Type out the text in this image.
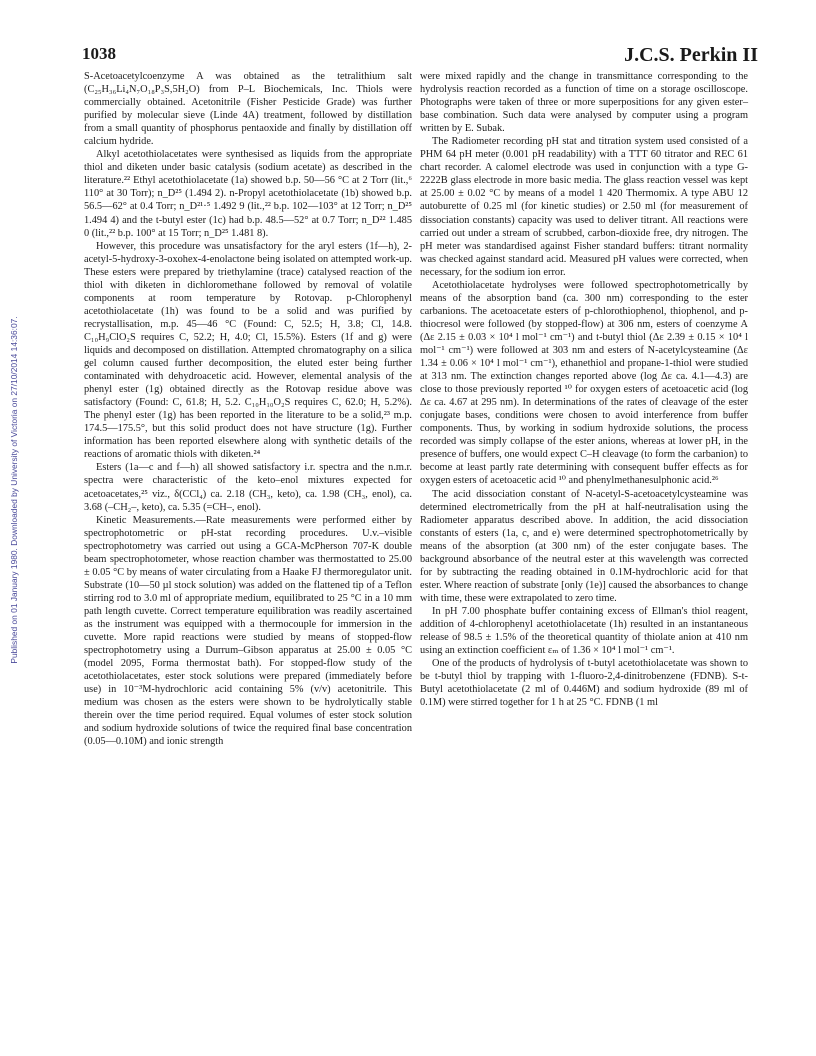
1038	J.C.S. Perkin II
Published on 01 January 1980. Downloaded by University of Victoria on 27/10/2014 14:36:07.

S-Acetoacetylcoenzyme A was obtained as the tetralithium salt (C₂₅H₃₆Li₄N₇O₁₈P₃S,5H₂O) from P–L Biochemicals, Inc. Thiols were commercially obtained. Acetonitrile (Fisher Pesticide Grade) was further purified by molecular sieve (Linde 4A) treatment, followed by distillation from a small quantity of phosphorus pentaoxide and finally by distillation off calcium hydride.

Alkyl acetothiolacetates were synthesised as liquids from the appropriate thiol and diketen under basic catalysis (sodium acetate) as described in the literature.²² Ethyl acetothiolacetate (1a) showed b.p. 50—56 °C at 2 Torr (lit.,⁶ 110° at 30 Torr); n_D²⁵ (1.494 2). n-Propyl acetothiolacetate (1b) showed b.p. 56.5—62° at 0.4 Torr; n_D²¹·⁵ 1.492 9 (lit.,²² b.p. 102—103° at 12 Torr; n_D²⁵ 1.494 4) and the t-butyl ester (1c) had b.p. 48.5—52° at 0.7 Torr; n_D²² 1.485 0 (lit.,²² b.p. 100° at 15 Torr; n_D²⁵ 1.481 8).

However, this procedure was unsatisfactory for the aryl esters (1f—h), 2-acetyl-5-hydroxy-3-oxohex-4-enolactone being isolated on attempted work-up. These esters were prepared by triethylamine (trace) catalysed reaction of the thiol with diketen in dichloromethane followed by removal of volatile components at room temperature by Rotovap. p-Chlorophenyl acetothiolacetate (1h) was found to be a solid and was purified by recrystallisation, m.p. 45—46 °C (Found: C, 52.5; H, 3.8; Cl, 14.8. C₁₀H₉ClO₂S requires C, 52.2; H, 4.0; Cl, 15.5%). Esters (1f and g) were liquids and decomposed on distillation. Attempted chromatography on a silica gel column caused further decomposition, the eluted ester being further contaminated with dehydroacetic acid. However, elemental analysis of the phenyl ester (1g) obtained directly as the Rotovap residue above was satisfactory (Found: C, 61.8; H, 5.2. C₁₀H₁₀O₂S requires C, 62.0; H, 5.2%). The phenyl ester (1g) has been reported in the literature to be a solid,²³ m.p. 174.5—175.5°, but this solid product does not have structure (1g). Further information has been reported elsewhere along with synthetic details of the reactions of aromatic thiols with diketen.²⁴

Esters (1a—c and f—h) all showed satisfactory i.r. spectra and the n.m.r. spectra were characteristic of the keto–enol mixtures expected for acetoacetates,²⁵ viz., δ(CCl₄) ca. 2.18 (CH₃, keto), ca. 1.98 (CH₃, enol), ca. 3.68 (–CH₂–, keto), ca. 5.35 (=CH–, enol).

Kinetic Measurements.—Rate measurements were performed either by spectrophotometric or pH-stat recording procedures. U.v.–visible spectrophotometry was carried out using a GCA-McPherson 707-K double beam spectrophotometer, whose reaction chamber was thermostatted to 25.00 ± 0.05 °C by means of water circulating from a Haake FJ thermoregulator unit. Substrate (10—50 µl stock solution) was added on the flattened tip of a Teflon stirring rod to 3.0 ml of appropriate medium, equilibrated to 25 °C in a 10 mm path length cuvette. Correct temperature equilibration was readily ascertained as the instrument was equipped with a thermocouple for immersion in the cuvette. More rapid reactions were studied by means of stopped-flow spectrophotometry using a Durrum–Gibson apparatus at 25.00 ± 0.05 °C (model 2095, Forma thermostat bath). For stopped-flow study of the acetothiolacetates, ester stock solutions were prepared (immediately before use) in 10⁻³M-hydrochloric acid containing 5% (v/v) acetonitrile. This medium was chosen as the esters were shown to be hydrolytically stable therein over the time period required. Equal volumes of ester stock solution and sodium hydroxide solutions of twice the required final base concentration (0.05—0.10M) and ionic strength

were mixed rapidly and the change in transmittance corresponding to the hydrolysis reaction recorded as a function of time on a storage oscilloscope. Photographs were taken of three or more superpositions for any given ester–base combination. Such data were analysed by computer using a program written by E. Subak.

The Radiometer recording pH stat and titration system used consisted of a PHM 64 pH meter (0.001 pH readability) with a TTT 60 titrator and REC 61 chart recorder. A calomel electrode was used in conjunction with a type G-2222B glass electrode in more basic media. The glass reaction vessel was kept at 25.00 ± 0.02 °C by means of a model 1 420 Thermomix. A type ABU 12 autoburette of 0.25 ml (for kinetic studies) or 2.50 ml (for measurement of dissociation constants) capacity was used to deliver titrant. All reactions were carried out under a stream of scrubbed, carbon-dioxide free, dry nitrogen. The pH meter was standardised against Fisher standard buffers: titrant normality was checked against standard acid. Measured pH values were corrected, when necessary, for the sodium ion error.

Acetothiolacetate hydrolyses were followed spectrophotometrically by means of the absorption band (ca. 300 nm) corresponding to the ester carbanions. The acetoacetate esters of p-chlorothiophenol, thiophenol, and p-thiocresol were followed (by stopped-flow) at 306 nm, esters of coenzyme A (Δε 2.15 ± 0.03 × 10⁴ l mol⁻¹ cm⁻¹) and t-butyl thiol (Δε 2.39 ± 0.15 × 10⁴ l mol⁻¹ cm⁻¹) were followed at 303 nm and esters of N-acetylcysteamine (Δε 1.34 ± 0.06 × 10⁴ l mol⁻¹ cm⁻¹), ethanethiol and propane-1-thiol were studied at 313 nm. The extinction changes reported above (log Δε ca. 4.1—4.3) are close to those previously reported ¹⁰ for oxygen esters of acetoacetic acid (log Δε ca. 4.67 at 295 nm). In determinations of the rates of cleavage of the ester conjugate bases, conditions were chosen to avoid interference from buffer components. Thus, by working in sodium hydroxide solutions, the process recorded was simply collapse of the ester anions, whereas at lower pH, in the presence of buffers, one would expect C–H cleavage (to form the carbanion) to become at least partly rate determining with consequent buffer effects as for oxygen esters of acetoacetic acid ¹⁰ and phenylmethanesulphonic acid.²⁶

The acid dissociation constant of N-acetyl-S-acetoacetylcysteamine was determined electrometrically from the pH at half-neutralisation using the Radiometer apparatus described above. In addition, the acid dissociation constants of esters (1a, c, and e) were determined spectrophotometrically by means of the absorption (at 300 nm) of the ester conjugate bases. The background absorbance of the neutral ester at this wavelength was corrected for by subtracting the reading obtained in 0.1M-hydrochloric acid for that ester. Where reaction of substrate [only (1e)] caused the absorbances to change with time, these were extrapolated to zero time.

In pH 7.00 phosphate buffer containing excess of Ellman's thiol reagent, addition of 4-chlorophenyl acetothiolacetate (1h) resulted in an instantaneous release of 98.5 ± 1.5% of the theoretical quantity of thiolate anion at 410 nm using an extinction coefficient εₘ of 1.36 × 10⁴ l mol⁻¹ cm⁻¹.

One of the products of hydrolysis of t-butyl acetothiolacetate was shown to be t-butyl thiol by trapping with 1-fluoro-2,4-dinitrobenzene (FDNB). S-t-Butyl acetothiolacetate (2 ml of 0.446M) and sodium hydroxide (89 ml of 0.1M) were stirred together for 1 h at 25 °C. FDNB (1 ml
